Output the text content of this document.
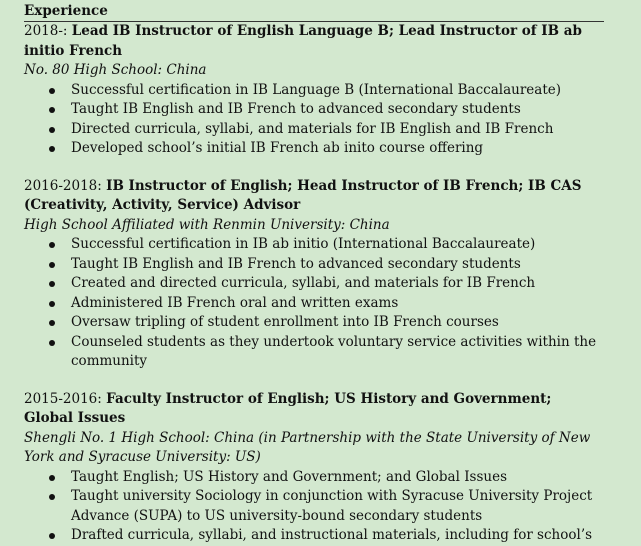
Experience

2018-: Lead IB Instructor of English Language B; Lead Instructor of IB ab initio French

No. 80 High School: China

Successful certification in IB Language B (International Baccalaureate)
Taught IB English and IB French to advanced secondary students
Directed curricula, syllabi, and materials for IB English and IB French
Developed school’s initial IB French ab inito course offering

2016-2018: IB Instructor of English; Head Instructor of IB French; IB CAS (Creativity, Activity, Service) Advisor

High School Affiliated with Renmin University: China

Successful certification in IB ab initio (International Baccalaureate)
Taught IB English and IB French to advanced secondary students
Created and directed curricula, syllabi, and materials for IB French
Administered IB French oral and written exams
Oversaw tripling of student enrollment into IB French courses
Counseled students as they undertook voluntary service activities within the community

2015-2016: Faculty Instructor of English; US History and Government; Global Issues

Shengli No. 1 High School: China (in Partnership with the State University of New York and Syracuse University: US)

Taught English; US History and Government; and Global Issues
Taught university Sociology in conjunction with Syracuse University Project Advance (SUPA) to US university-bound secondary students
Drafted curricula, syllabi, and instructional materials, including for school’s
